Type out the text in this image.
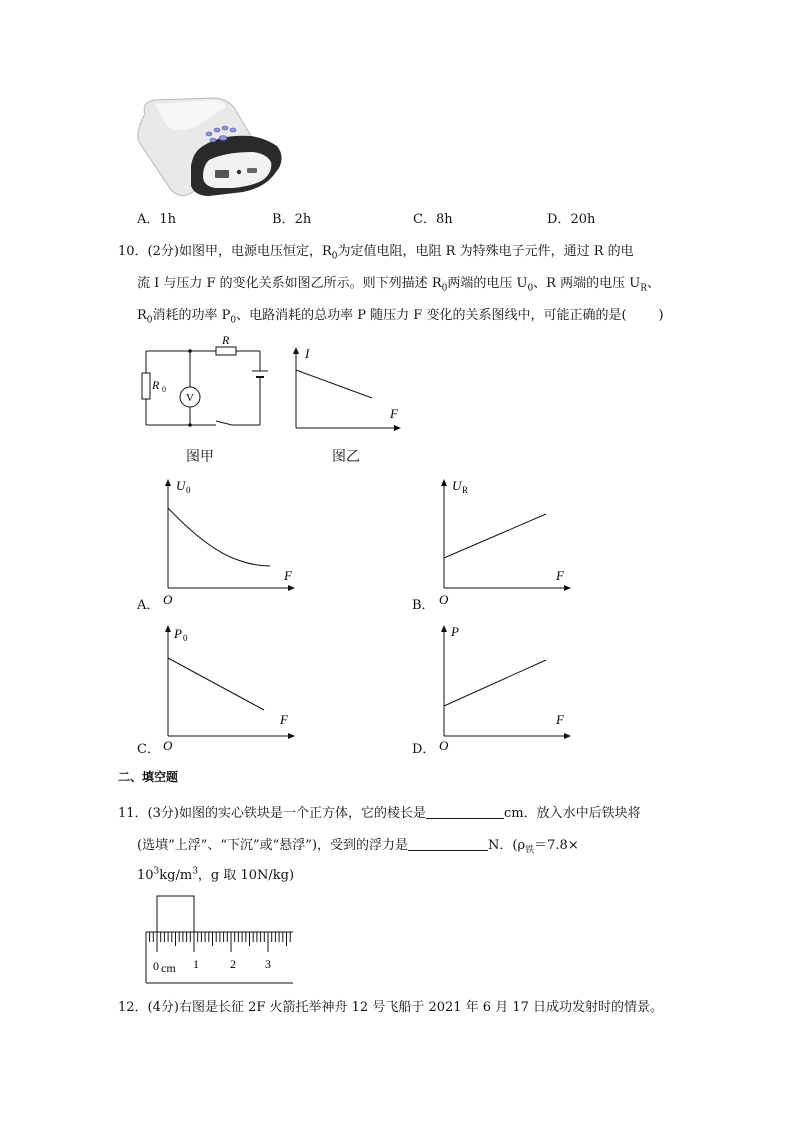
A．1h	B．2h	C．8h	D．20h
10．(2分)如图甲，电源电压恒定，$R_0$为定值电阻，电阻 R 为特殊电子元件，通过 R 的电
流 I 与压力 F 的变化关系如图乙所示。则下列描述 $R_0$两端的电压 $U_0$、R 两端的电压 $U_R$、
$R_0$消耗的功率 $P_0$、电路消耗的总功率 P 随压力 F 变化的关系图线中，可能正确的是( )
R
R 0
V
图甲
I
F
图乙
A．
U 0
F
O	B．
U R
F
O
C．
P 0
F
O	D．
P
F
O
二、填空题
11．(3分)如图的实心铁块是一个正方体，它的棱长是	cm．放入水中后铁块将
(选填“上浮”、“下沉”或“悬浮”)，受到的浮力是	N．($\rho_铁=7.8\times$
$10^3kg/m^3$，g 取 10N/kg)
0 cm 1	2 3
12．(4分)右图是长征 2F 火箭托举神舟 12 号飞船于 2021 年 6 月 17 日成功发射时的情景。
